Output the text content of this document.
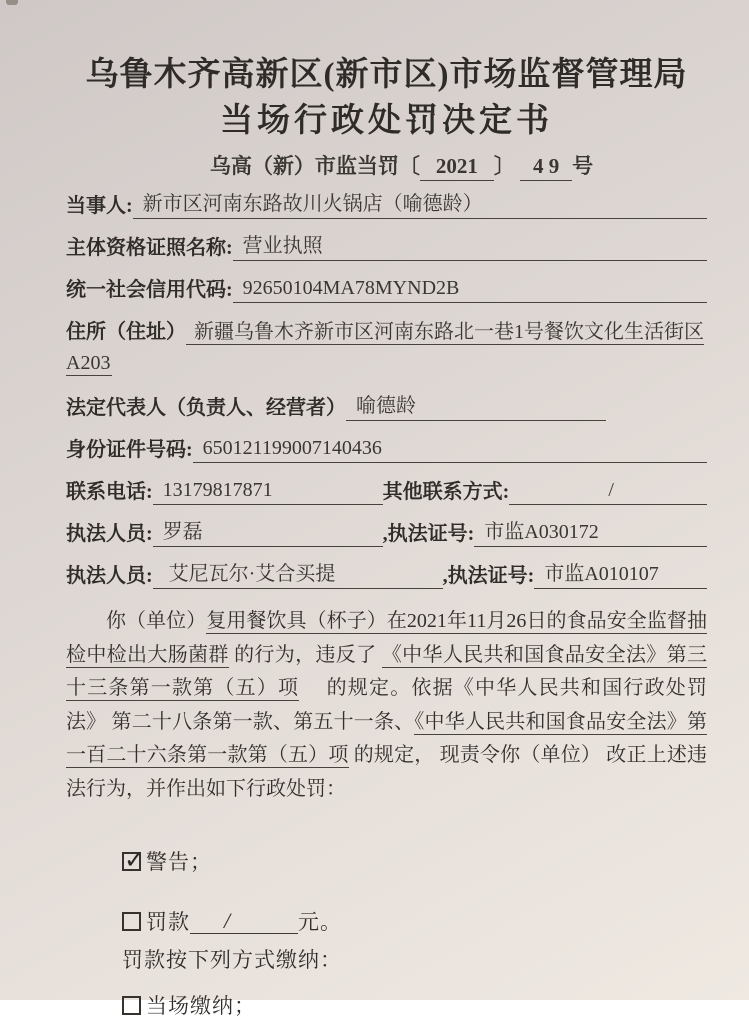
乌鲁木齐高新区(新市区)市场监督管理局
当场行政处罚决定书
乌高（新）市监当罚〔 2021 〕 4 9 号
当事人: 新市区河南东路故川火锅店（喻德龄）
主体资格证照名称: 营业执照
统一社会信用代码: 92650104MA78MYND2B
住所（住址） 新疆乌鲁木齐新市区河南东路北一巷1号餐饮文化生活街区A203
法定代表人（负责人、经营者） 喻德龄
身份证件号码: 650121199007140436
联系电话: 13179817871	其他联系方式:	/
执法人员: 罗磊	,执法证号: 市监A030172
执法人员: 艾尼瓦尔·艾合买提	,执法证号: 市监A010107

你（单位）复用餐饮具（杯子）在2021年11月26日的食品安全监督抽检中检出大肠菌群 的行为，违反了 《中华人民共和国食品安全法》第三十三条第一款第（五）项　 的规定。依据《中华人民共和国行政处罚法》 第二十八条第一款、第五十一条、《中华人民共和国食品安全法》第一百二十六条第一款第（五）项 的规定， 现责令你（单位） 改正上述违法行为，并作出如下行政处罚：

✓ 警告；
罚款	/	元。
罚款按下列方式缴纳：
当场缴纳；
